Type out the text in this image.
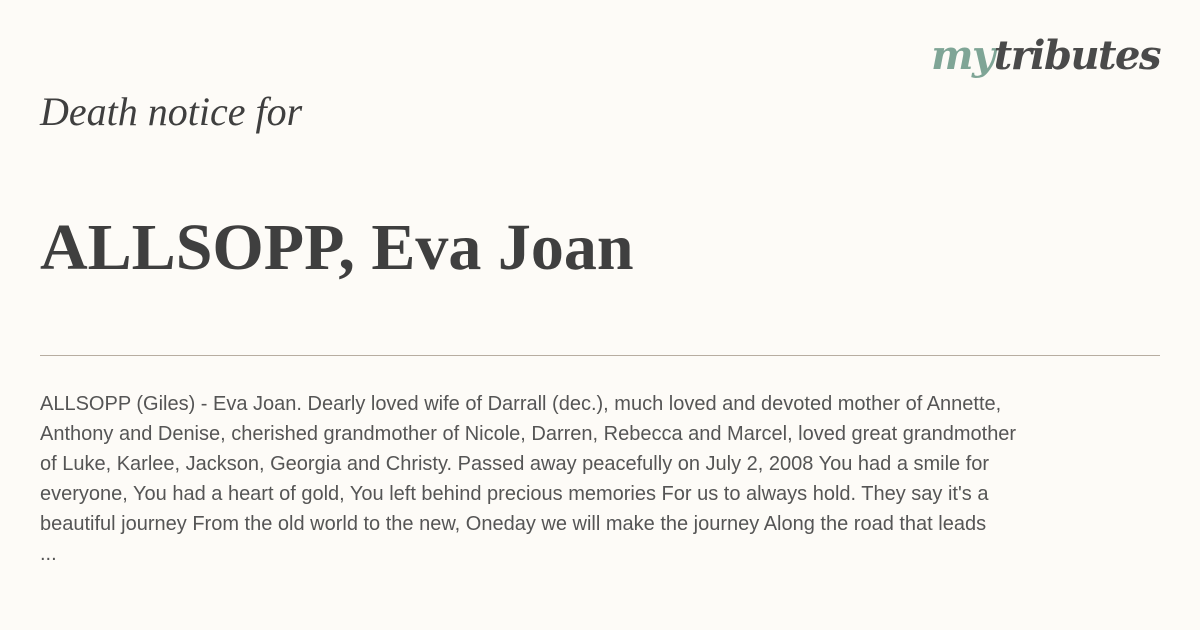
mytributes
Death notice for
ALLSOPP, Eva Joan
ALLSOPP (Giles) - Eva Joan. Dearly loved wife of Darrall (dec.), much loved and devoted mother of Annette,
Anthony and Denise, cherished grandmother of Nicole, Darren, Rebecca and Marcel, loved great grandmother
of Luke, Karlee, Jackson, Georgia and Christy. Passed away peacefully on July 2, 2008 You had a smile for
everyone, You had a heart of gold, You left behind precious memories For us to always hold. They say it's a
beautiful journey From the old world to the new, Oneday we will make the journey Along the road that leads
...
